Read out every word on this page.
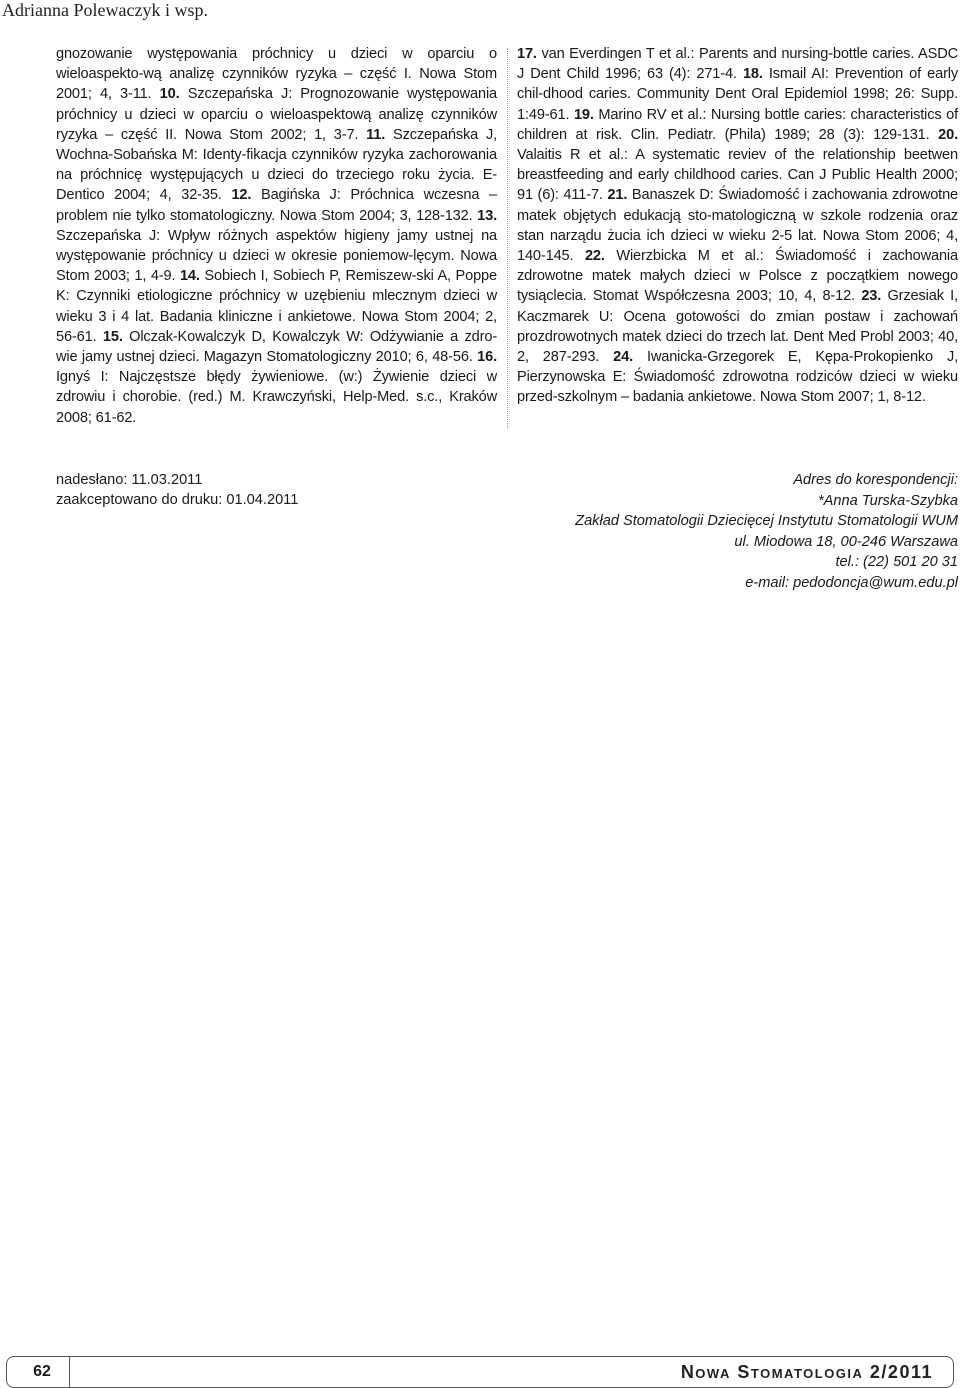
Adrianna Polewaczyk i wsp.
gnozowanie występowania próchnicy u dzieci w oparciu o wieloaspekto-wą analizę czynników ryzyka – część I. Nowa Stom 2001; 4, 3-11. 10. Szczepańska J: Prognozowanie występowania próchnicy u dzieci w oparciu o wieloaspektową analizę czynników ryzyka – część II. Nowa Stom 2002; 1, 3-7. 11. Szczepańska J, Wochna-Sobańska M: Identy-fikacja czynników ryzyka zachorowania na próchnicę występujących u dzieci do trzeciego roku życia. E-Dentico 2004; 4, 32-35. 12. Bagińska J: Próchnica wczesna – problem nie tylko stomatologiczny. Nowa Stom 2004; 3, 128-132. 13. Szczepańska J: Wpływ różnych aspektów higieny jamy ustnej na występowanie próchnicy u dzieci w okresie poniemow-lęcym. Nowa Stom 2003; 1, 4-9. 14. Sobiech I, Sobiech P, Remiszew-ski A, Poppe K: Czynniki etiologiczne próchnicy w uzębieniu mlecznym dzieci w wieku 3 i 4 lat. Badania kliniczne i ankietowe. Nowa Stom 2004; 2, 56-61. 15. Olczak-Kowalczyk D, Kowalczyk W: Odżywianie a zdro-wie jamy ustnej dzieci. Magazyn Stomatologiczny 2010; 6, 48-56. 16. Ignyś I: Najczęstsze błędy żywieniowe. (w:) Żywienie dzieci w zdrowiu i chorobie. (red.) M. Krawczyński, Help-Med. s.c., Kraków 2008; 61-62.
17. van Everdingen T et al.: Parents and nursing-bottle caries. ASDC J Dent Child 1996; 63 (4): 271-4. 18. Ismail AI: Prevention of early chil-dhood caries. Community Dent Oral Epidemiol 1998; 26: Supp. 1:49-61. 19. Marino RV et al.: Nursing bottle caries: characteristics of children at risk. Clin. Pediatr. (Phila) 1989; 28 (3): 129-131. 20. Valaitis R et al.: A systematic reviev of the relationship beetwen breastfeeding and early childhood caries. Can J Public Health 2000; 91 (6): 411-7. 21. Banaszek D: Świadomość i zachowania zdrowotne matek objętych edukacją sto-matologiczną w szkole rodzenia oraz stan narządu żucia ich dzieci w wieku 2-5 lat. Nowa Stom 2006; 4, 140-145. 22. Wierzbicka M et al.: Świadomość i zachowania zdrowotne matek małych dzieci w Polsce z początkiem nowego tysiąclecia. Stomat Współczesna 2003; 10, 4, 8-12. 23. Grzesiak I, Kaczmarek U: Ocena gotowości do zmian postaw i zachowań prozdrowotnych matek dzieci do trzech lat. Dent Med Probl 2003; 40, 2, 287-293. 24. Iwanicka-Grzegorek E, Kępa-Prokopienko J, Pierzynowska E: Świadomość zdrowotna rodziców dzieci w wieku przed-szkolnym – badania ankietowe. Nowa Stom 2007; 1, 8-12.
nadesłano: 11.03.2011
zaakceptowano do druku: 01.04.2011
Adres do korespondencji:
*Anna Turska-Szybka
Zakład Stomatologii Dziecięcej Instytutu Stomatologii WUM
ul. Miodowa 18, 00-246 Warszawa
tel.: (22) 501 20 31
e-mail: pedodoncja@wum.edu.pl
62	Nowa Stomatologia 2/2011
